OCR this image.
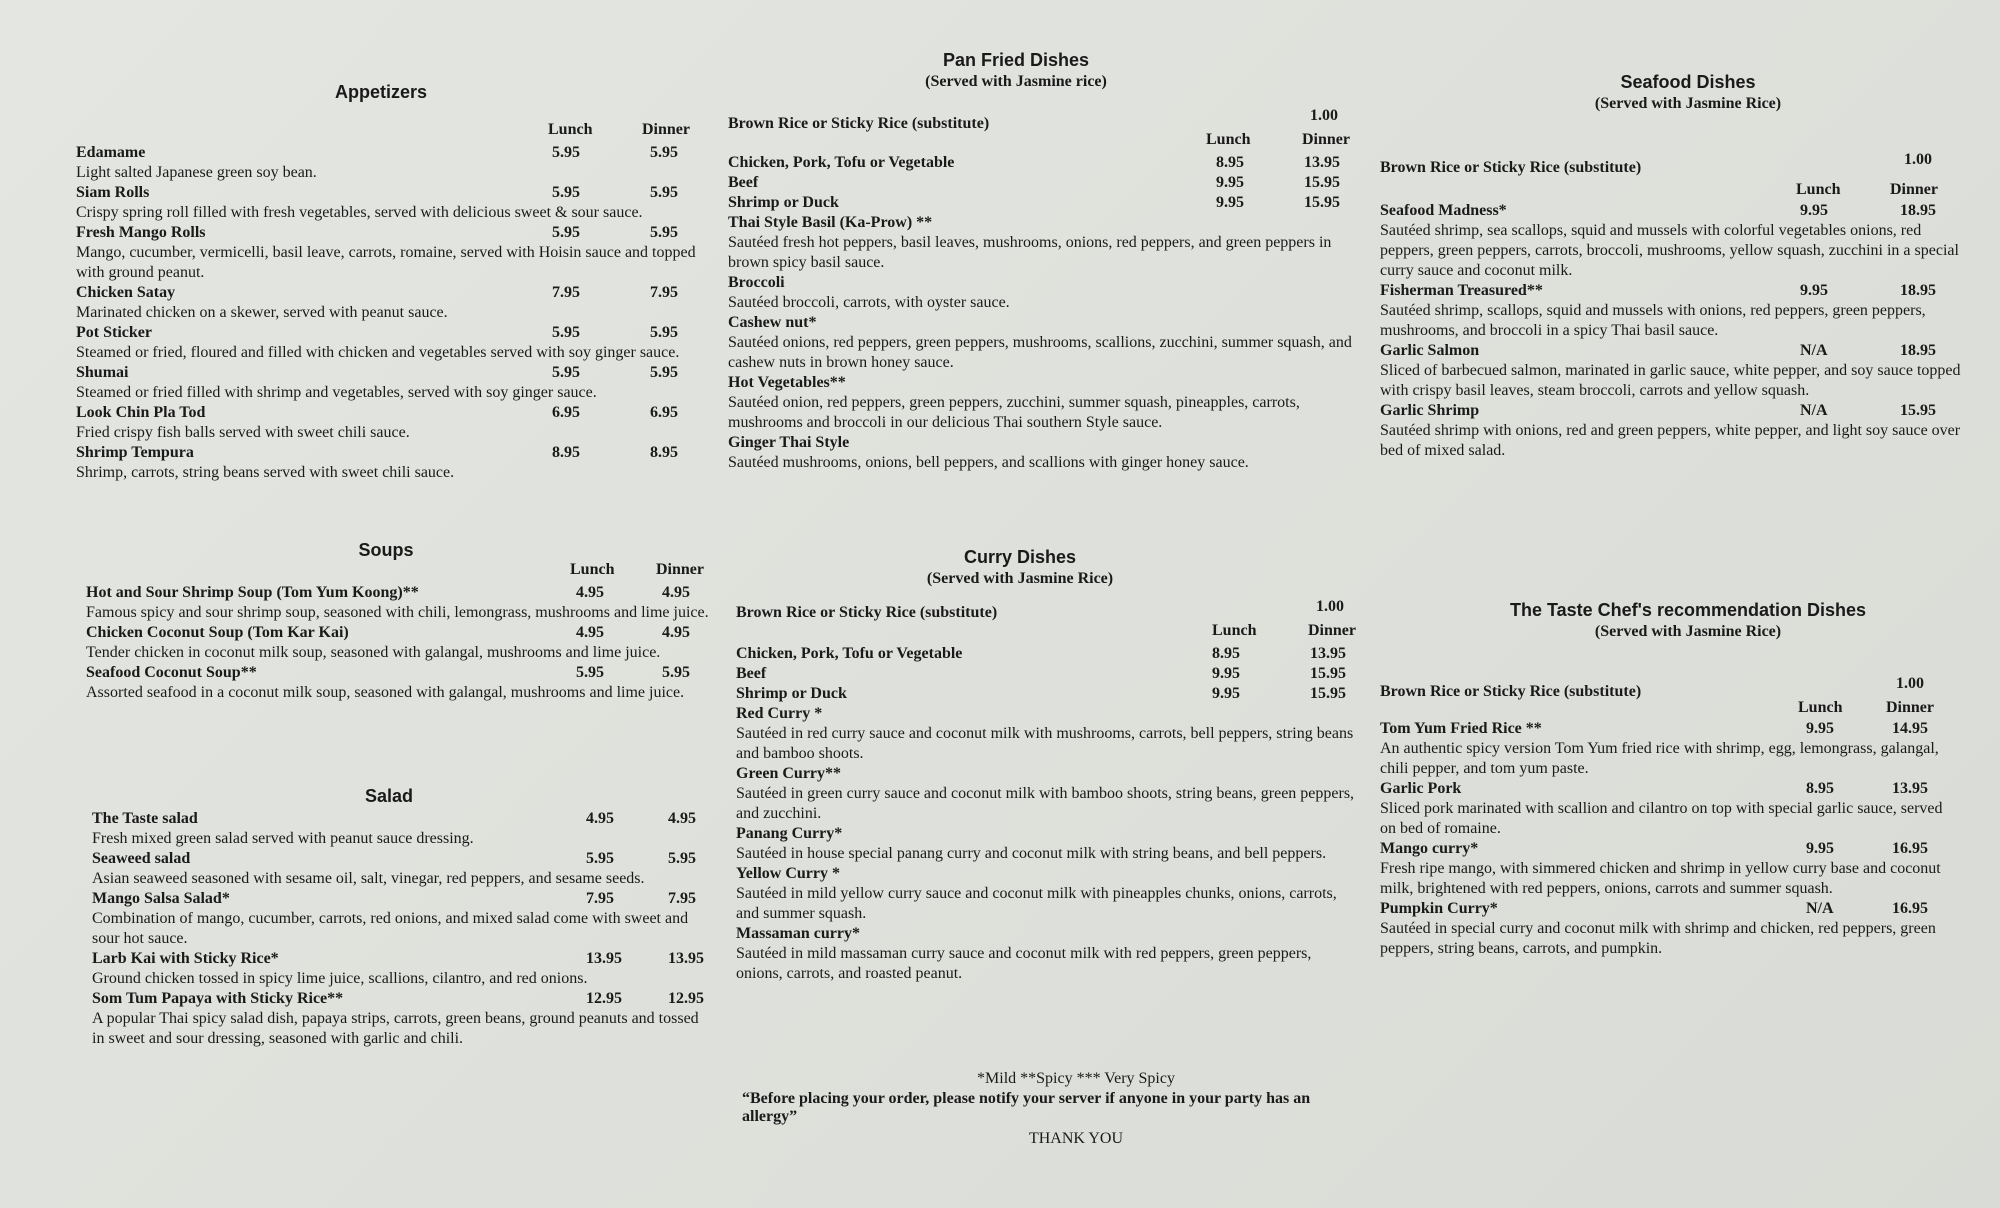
Appetizers
Lunch	Dinner
Edamame	5.95	5.95
Light salted Japanese green soy bean.
Siam Rolls	5.95	5.95
Crispy spring roll filled with fresh vegetables, served with delicious sweet & sour sauce.
Fresh Mango Rolls	5.95	5.95
Mango, cucumber, vermicelli, basil leave, carrots, romaine, served with Hoisin sauce and topped with ground peanut.
Chicken Satay	7.95	7.95
Marinated chicken on a skewer, served with peanut sauce.
Pot Sticker	5.95	5.95
Steamed or fried, floured and filled with chicken and vegetables served with soy ginger sauce.
Shumai	5.95	5.95
Steamed or fried filled with shrimp and vegetables, served with soy ginger sauce.
Look Chin Pla Tod	6.95	6.95
Fried crispy fish balls served with sweet chili sauce.
Shrimp Tempura	8.95	8.95
Shrimp, carrots, string beans served with sweet chili sauce.
Soups
Lunch	Dinner
Hot and Sour Shrimp Soup (Tom Yum Koong)**	4.95	4.95
Famous spicy and sour shrimp soup, seasoned with chili, lemongrass, mushrooms and lime juice.
Chicken Coconut Soup (Tom Kar Kai)	4.95	4.95
Tender chicken in coconut milk soup, seasoned with galangal, mushrooms and lime juice.
Seafood Coconut Soup**	5.95	5.95
Assorted seafood in a coconut milk soup, seasoned with galangal, mushrooms and lime juice.
Salad
The Taste salad	4.95	4.95
Fresh mixed green salad served with peanut sauce dressing.
Seaweed salad	5.95	5.95
Asian seaweed seasoned with sesame oil, salt, vinegar, red peppers, and sesame seeds.
Mango Salsa Salad*	7.95	7.95
Combination of mango, cucumber, carrots, red onions, and mixed salad come with sweet and sour hot sauce.
Larb Kai with Sticky Rice*	13.95	13.95
Ground chicken tossed in spicy lime juice, scallions, cilantro, and red onions.
Som Tum Papaya with Sticky Rice**	12.95	12.95
A popular Thai spicy salad dish, papaya strips, carrots, green beans, ground peanuts and tossed in sweet and sour dressing, seasoned with garlic and chili.
Pan Fried Dishes
(Served with Jasmine rice)
Brown Rice or Sticky Rice (substitute)	1.00
Lunch	Dinner
Chicken, Pork, Tofu or Vegetable	8.95	13.95
Beef	9.95	15.95
Shrimp or Duck	9.95	15.95
Thai Style Basil (Ka-Prow) **
Sautéed fresh hot peppers, basil leaves, mushrooms, onions, red peppers, and green peppers in brown spicy basil sauce.
Broccoli
Sautéed broccoli, carrots, with oyster sauce.
Cashew nut*
Sautéed onions, red peppers, green peppers, mushrooms, scallions, zucchini, summer squash, and cashew nuts in brown honey sauce.
Hot Vegetables**
Sautéed onion, red peppers, green peppers, zucchini, summer squash, pineapples, carrots, mushrooms and broccoli in our delicious Thai southern Style sauce.
Ginger Thai Style
Sautéed mushrooms, onions, bell peppers, and scallions with ginger honey sauce.
Curry Dishes
(Served with Jasmine Rice)
Brown Rice or Sticky Rice (substitute)	1.00
Lunch	Dinner
Chicken, Pork, Tofu or Vegetable	8.95	13.95
Beef	9.95	15.95
Shrimp or Duck	9.95	15.95
Red Curry *
Sautéed in red curry sauce and coconut milk with mushrooms, carrots, bell peppers, string beans and bamboo shoots.
Green Curry**
Sautéed in green curry sauce and coconut milk with bamboo shoots, string beans, green peppers, and zucchini.
Panang Curry*
Sautéed in house special panang curry and coconut milk with string beans, and bell peppers.
Yellow Curry *
Sautéed in mild yellow curry sauce and coconut milk with pineapples chunks, onions, carrots, and summer squash.
Massaman curry*
Sautéed in mild massaman curry sauce and coconut milk with red peppers, green peppers, onions, carrots, and roasted peanut.
*Mild **Spicy *** Very Spicy
“Before placing your order, please notify your server if anyone in your party has an allergy”
THANK YOU
Seafood Dishes
(Served with Jasmine Rice)
Brown Rice or Sticky Rice (substitute)	1.00
Lunch	Dinner
Seafood Madness*	9.95	18.95
Sautéed shrimp, sea scallops, squid and mussels with colorful vegetables onions, red peppers, green peppers, carrots, broccoli, mushrooms, yellow squash, zucchini in a special curry sauce and coconut milk.
Fisherman Treasured**	9.95	18.95
Sautéed shrimp, scallops, squid and mussels with onions, red peppers, green peppers, mushrooms, and broccoli in a spicy Thai basil sauce.
Garlic Salmon	N/A	18.95
Sliced of barbecued salmon, marinated in garlic sauce, white pepper, and soy sauce topped with crispy basil leaves, steam broccoli, carrots and yellow squash.
Garlic Shrimp	N/A	15.95
Sautéed shrimp with onions, red and green peppers, white pepper, and light soy sauce over bed of mixed salad.
The Taste Chef's recommendation Dishes
(Served with Jasmine Rice)
Brown Rice or Sticky Rice (substitute)	1.00
Lunch	Dinner
Tom Yum Fried Rice **	9.95	14.95
An authentic spicy version Tom Yum fried rice with shrimp, egg, lemongrass, galangal, chili pepper, and tom yum paste.
Garlic Pork	8.95	13.95
Sliced pork marinated with scallion and cilantro on top with special garlic sauce, served on bed of romaine.
Mango curry*	9.95	16.95
Fresh ripe mango, with simmered chicken and shrimp in yellow curry base and coconut milk, brightened with red peppers, onions, carrots and summer squash.
Pumpkin Curry*	N/A	16.95
Sautéed in special curry and coconut milk with shrimp and chicken, red peppers, green peppers, string beans, carrots, and pumpkin.
